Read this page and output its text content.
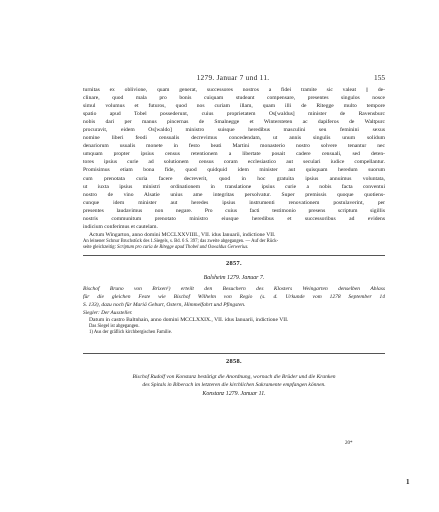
1279. Januar 7 und 11.	155
turnitas ex oblivione, quam generat, successores nostros a fidei tramite sic valeat || de-
clinare, quod mala pro bonis cuiquam studeant compensare, presentes singulos nosce
simul volumus et futuros, quod nos curiam illam, quam illi de Ritegge multo tempore
spatio apud Tobel possederunt, cuius proprietatem Os[waldus] minister de Ravensburc
nobis dari per manus pincernas de Smalnegge et Wintersteten ac dapiferos de Waltpurc
procuravit, eidem Os[waldo] ministro suisque heredibus masculini seu feminini sexus
nomine liberi feodi censualis decrevimus concedendam, ut annis singulis unum solidum
denariorum usualis monete in festo beati Martini monasterio nostro solvere tenantur nec
umquam propter ipsius census retentionem a libertate posait cadere censuali, sed deten-
tores ipsius curie ad solutionem census coram ecclesiastico aut seculari iudice compellantur.
Promisimus etiam bona fide, quod quidquid idem minister aut quisquam heredum suorum
cum prenotata curia facere decreverit, quod in hoc gratuita ipsius annuimus voluntata,
ut iuxta ipsius ministri ordinationem in translatione ipsius curie a nobis facta conventui
nostro de vino Alsatie unius ame integritas persolvatur. Super premissis quoque quotiens-
cunque idem minister aut heredes ipsius instrumenti renovationem postulaverint, per
presentes laudavimus non negare. Pro cuius facti testimonio presens scriptum sigillis
nostris communitum prenotato ministro eiusque heredibus et successoribus ad evidens
indicium conferimus et cautelam.

Actum Wingarton, anno domini MCCLXXVIIII., VII. idus Ianuarii, indictione VII.

An leinener Schnur Bruchstück des 1.Siegels, s. Bd. 6 S. 397; das zweite abgegangen. — Auf der Rück-
seite gleichzeitig: Scriptum pro curia de Ritegge apud Thobel und Oswaldus Gerwerius.

2857.
Balsheim 1279. Januar 7.
Bischof Bruno von Brixen¹) erteilt den Besuchern des Klosters Weingarten denselben Ablass
für die gleichen Feste wie Bischof Wilhelm von Regio (s. d. Urkunde vom 1278 September 14
S. 133), dazu noch für Mariä Geburt, Ostern, Himmelfahrt und Pfingsten.

Siegler: Der Aussteller.

Datum in castro Baltnhain, anno domini MCCLXXIX., VII. idus Ianuarii, indictione VII.

Das Siegel ist abgegangen.

1) Aus der gräflich kirchbergischen Familie.

2858.
Bischof Rudolf von Konstanz bestätigt die Anordnung, wornach die Brüder und die Kranken
des Spitals in Biberach im letzteren die kirchlichen Sakramente empfangen können.
Konstanz 1279. Januar 11.
20*
1
